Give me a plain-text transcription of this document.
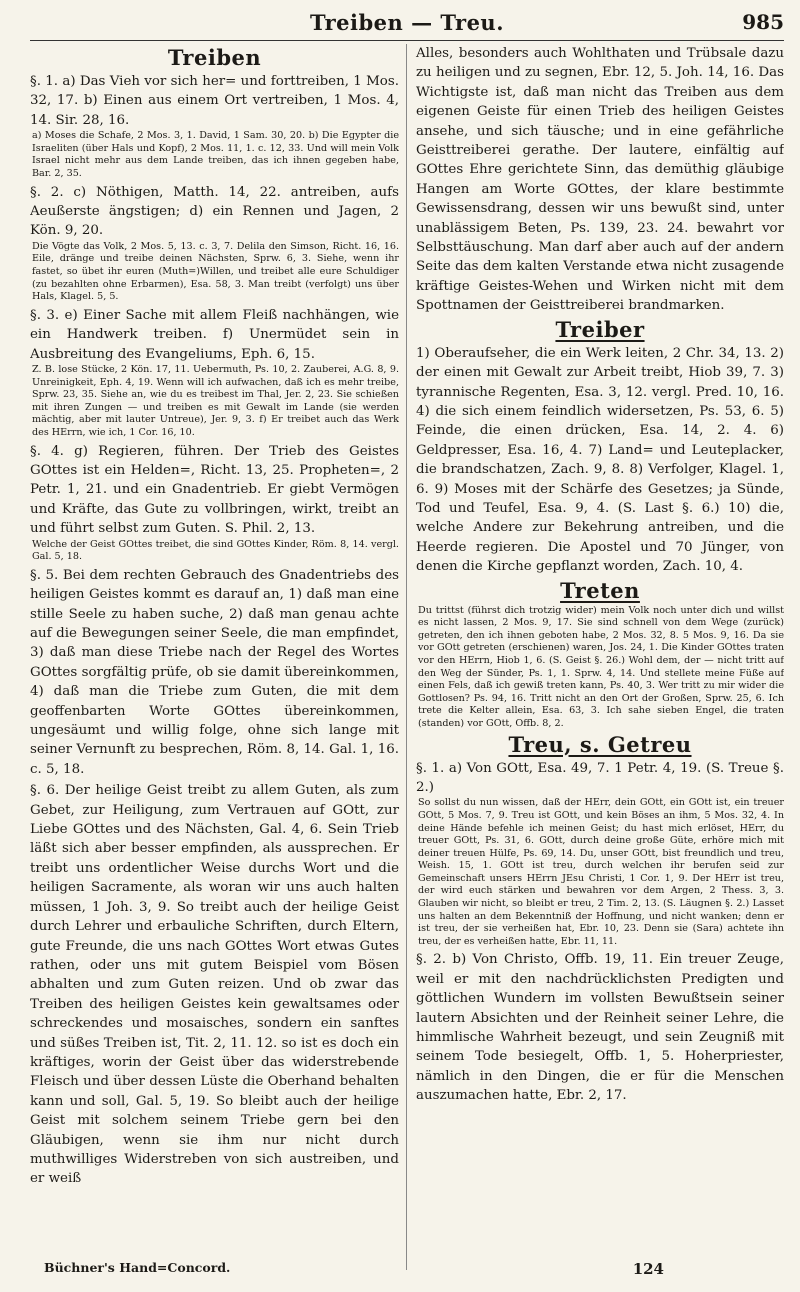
Treiben — Treu.	985
Treiben

§. 1. a) Das Vieh vor sich her= und forttreiben, 1 Mos. 32, 17. b) Einen aus einem Ort vertreiben, 1 Mos. 4, 14. Sir. 28, 16.

a) Moses die Schafe, 2 Mos. 3, 1. David, 1 Sam. 30, 20. b) Die Egypter die Israeliten (über Hals und Kopf), 2 Mos. 11, 1. c. 12, 33. Und will mein Volk Israel nicht mehr aus dem Lande treiben, das ich ihnen gegeben habe, Bar. 2, 35.

§. 2. c) Nöthigen, Matth. 14, 22. antreiben, aufs Aeußerste ängstigen; d) ein Rennen und Jagen, 2 Kön. 9, 20.

Die Vögte das Volk, 2 Mos. 5, 13. c. 3, 7. Delila den Simson, Richt. 16, 16. Eile, dränge und treibe deinen Nächsten, Sprw. 6, 3. Siehe, wenn ihr fastet, so übet ihr euren (Muth=)Willen, und treibet alle eure Schuldiger (zu bezahlten ohne Erbarmen), Esa. 58, 3. Man treibt (verfolgt) uns über Hals, Klagel. 5, 5.

§. 3. e) Einer Sache mit allem Fleiß nachhängen, wie ein Handwerk treiben. f) Unermüdet sein in Ausbreitung des Evangeliums, Eph. 6, 15.

Z. B. lose Stücke, 2 Kön. 17, 11. Uebermuth, Ps. 10, 2. Zauberei, A.G. 8, 9. Unreinigkeit, Eph. 4, 19. Wenn will ich aufwachen, daß ich es mehr treibe, Sprw. 23, 35. Siehe an, wie du es treibest im Thal, Jer. 2, 23. Sie schießen mit ihren Zungen — und treiben es mit Gewalt im Lande (sie werden mächtig, aber mit lauter Untreue), Jer. 9, 3. f) Er treibet auch das Werk des HErrn, wie ich, 1 Cor. 16, 10.

§. 4. g) Regieren, führen. Der Trieb des Geistes GOttes ist ein Helden=, Richt. 13, 25. Propheten=, 2 Petr. 1, 21. und ein Gnadentrieb. Er giebt Vermögen und Kräfte, das Gute zu vollbringen, wirkt, treibt an und führt selbst zum Guten. S. Phil. 2, 13.

Welche der Geist GOttes treibet, die sind GOttes Kinder, Röm. 8, 14. vergl. Gal. 5, 18.

§. 5. Bei dem rechten Gebrauch des Gnadentriebs des heiligen Geistes kommt es darauf an, 1) daß man eine stille Seele zu haben suche, 2) daß man genau achte auf die Bewegungen seiner Seele, die man empfindet, 3) daß man diese Triebe nach der Regel des Wortes GOttes sorgfältig prüfe, ob sie damit übereinkommen, 4) daß man die Triebe zum Guten, die mit dem geoffenbarten Worte GOttes übereinkommen, ungesäumt und willig folge, ohne sich lange mit seiner Vernunft zu besprechen, Röm. 8, 14. Gal. 1, 16. c. 5, 18.

§. 6. Der heilige Geist treibt zu allem Guten, als zum Gebet, zur Heiligung, zum Vertrauen auf GOtt, zur Liebe GOttes und des Nächsten, Gal. 4, 6. Sein Trieb läßt sich aber besser empfinden, als aussprechen. Er treibt uns ordentlicher Weise durchs Wort und die heiligen Sacramente, als woran wir uns auch halten müssen, 1 Joh. 3, 9. So treibt auch der heilige Geist durch Lehrer und erbauliche Schriften, durch Eltern, gute Freunde, die uns nach GOttes Wort etwas Gutes rathen, oder uns mit gutem Beispiel vom Bösen abhalten und zum Guten reizen. Und ob zwar das Treiben des heiligen Geistes kein gewaltsames oder schreckendes und mosaisches, sondern ein sanftes und süßes Treiben ist, Tit. 2, 11. 12. so ist es doch ein kräftiges, worin der Geist über das widerstrebende Fleisch und über dessen Lüste die Oberhand behalten kann und soll, Gal. 5, 19. So bleibt auch der heilige Geist mit solchem seinem Triebe gern bei den Gläubigen, wenn sie ihm nur nicht durch muthwilliges Widerstreben von sich austreiben, und er weiß

Alles, besonders auch Wohlthaten und Trübsale dazu zu heiligen und zu segnen, Ebr. 12, 5. Joh. 14, 16. Das Wichtigste ist, daß man nicht das Treiben aus dem eigenen Geiste für einen Trieb des heiligen Geistes ansehe, und sich täusche; und in eine gefährliche Geisttreiberei gerathe. Der lautere, einfältig auf GOttes Ehre gerichtete Sinn, das demüthig gläubige Hangen am Worte GOttes, der klare bestimmte Gewissensdrang, dessen wir uns bewußt sind, unter unablässigem Beten, Ps. 139, 23. 24. bewahrt vor Selbsttäuschung. Man darf aber auch auf der andern Seite das dem kalten Verstande etwa nicht zusagende kräftige Geistes-Wehen und Wirken nicht mit dem Spottnamen der Geisttreiberei brandmarken.

Treiber

1) Oberaufseher, die ein Werk leiten, 2 Chr. 34, 13. 2) der einen mit Gewalt zur Arbeit treibt, Hiob 39, 7. 3) tyrannische Regenten, Esa. 3, 12. vergl. Pred. 10, 16. 4) die sich einem feindlich widersetzen, Ps. 53, 6. 5) Feinde, die einen drücken, Esa. 14, 2. 4. 6) Geldpresser, Esa. 16, 4. 7) Land= und Leuteplacker, die brandschatzen, Zach. 9, 8. 8) Verfolger, Klagel. 1, 6. 9) Moses mit der Schärfe des Gesetzes; ja Sünde, Tod und Teufel, Esa. 9, 4. (S. Last §. 6.) 10) die, welche Andere zur Bekehrung antreiben, und die Heerde regieren. Die Apostel und 70 Jünger, von denen die Kirche gepflanzt worden, Zach. 10, 4.

Treten

Du trittst (führst dich trotzig wider) mein Volk noch unter dich und willst es nicht lassen, 2 Mos. 9, 17. Sie sind schnell von dem Wege (zurück) getreten, den ich ihnen geboten habe, 2 Mos. 32, 8. 5 Mos. 9, 16. Da sie vor GOtt getreten (erschienen) waren, Jos. 24, 1. Die Kinder GOttes traten vor den HErrn, Hiob 1, 6. (S. Geist §. 26.) Wohl dem, der — nicht tritt auf den Weg der Sünder, Ps. 1, 1. Sprw. 4, 14. Und stellete meine Füße auf einen Fels, daß ich gewiß treten kann, Ps. 40, 3. Wer tritt zu mir wider die Gottlosen? Ps. 94, 16. Tritt nicht an den Ort der Großen, Sprw. 25, 6. Ich trete die Kelter allein, Esa. 63, 3. Ich sahe sieben Engel, die traten (standen) vor GOtt, Offb. 8, 2.

Treu, s. Getreu

§. 1. a) Von GOtt, Esa. 49, 7. 1 Petr. 4, 19. (S. Treue §. 2.)

So sollst du nun wissen, daß der HErr, dein GOtt, ein GOtt ist, ein treuer GOtt, 5 Mos. 7, 9. Treu ist GOtt, und kein Böses an ihm, 5 Mos. 32, 4. In deine Hände befehle ich meinen Geist; du hast mich erlöset, HErr, du treuer GOtt, Ps. 31, 6. GOtt, durch deine große Güte, erhöre mich mit deiner treuen Hülfe, Ps. 69, 14. Du, unser GOtt, bist freundlich und treu, Weish. 15, 1. GOtt ist treu, durch welchen ihr berufen seid zur Gemeinschaft unsers HErrn JEsu Christi, 1 Cor. 1, 9. Der HErr ist treu, der wird euch stärken und bewahren vor dem Argen, 2 Thess. 3, 3. Glauben wir nicht, so bleibt er treu, 2 Tim. 2, 13. (S. Läugnen §. 2.) Lasset uns halten an dem Bekenntniß der Hoffnung, und nicht wanken; denn er ist treu, der sie verheißen hat, Ebr. 10, 23. Denn sie (Sara) achtete ihn treu, der es verheißen hatte, Ebr. 11, 11.

§. 2. b) Von Christo, Offb. 19, 11. Ein treuer Zeuge, weil er mit den nachdrücklichsten Predigten und göttlichen Wundern im vollsten Bewußtsein seiner lautern Absichten und der Reinheit seiner Lehre, die himmlische Wahrheit bezeugt, und sein Zeugniß mit seinem Tode besiegelt, Offb. 1, 5. Hoherpriester, nämlich in den Dingen, die er für die Menschen auszumachen hatte, Ebr. 2, 17.

Büchner's Hand=Concord.	124
